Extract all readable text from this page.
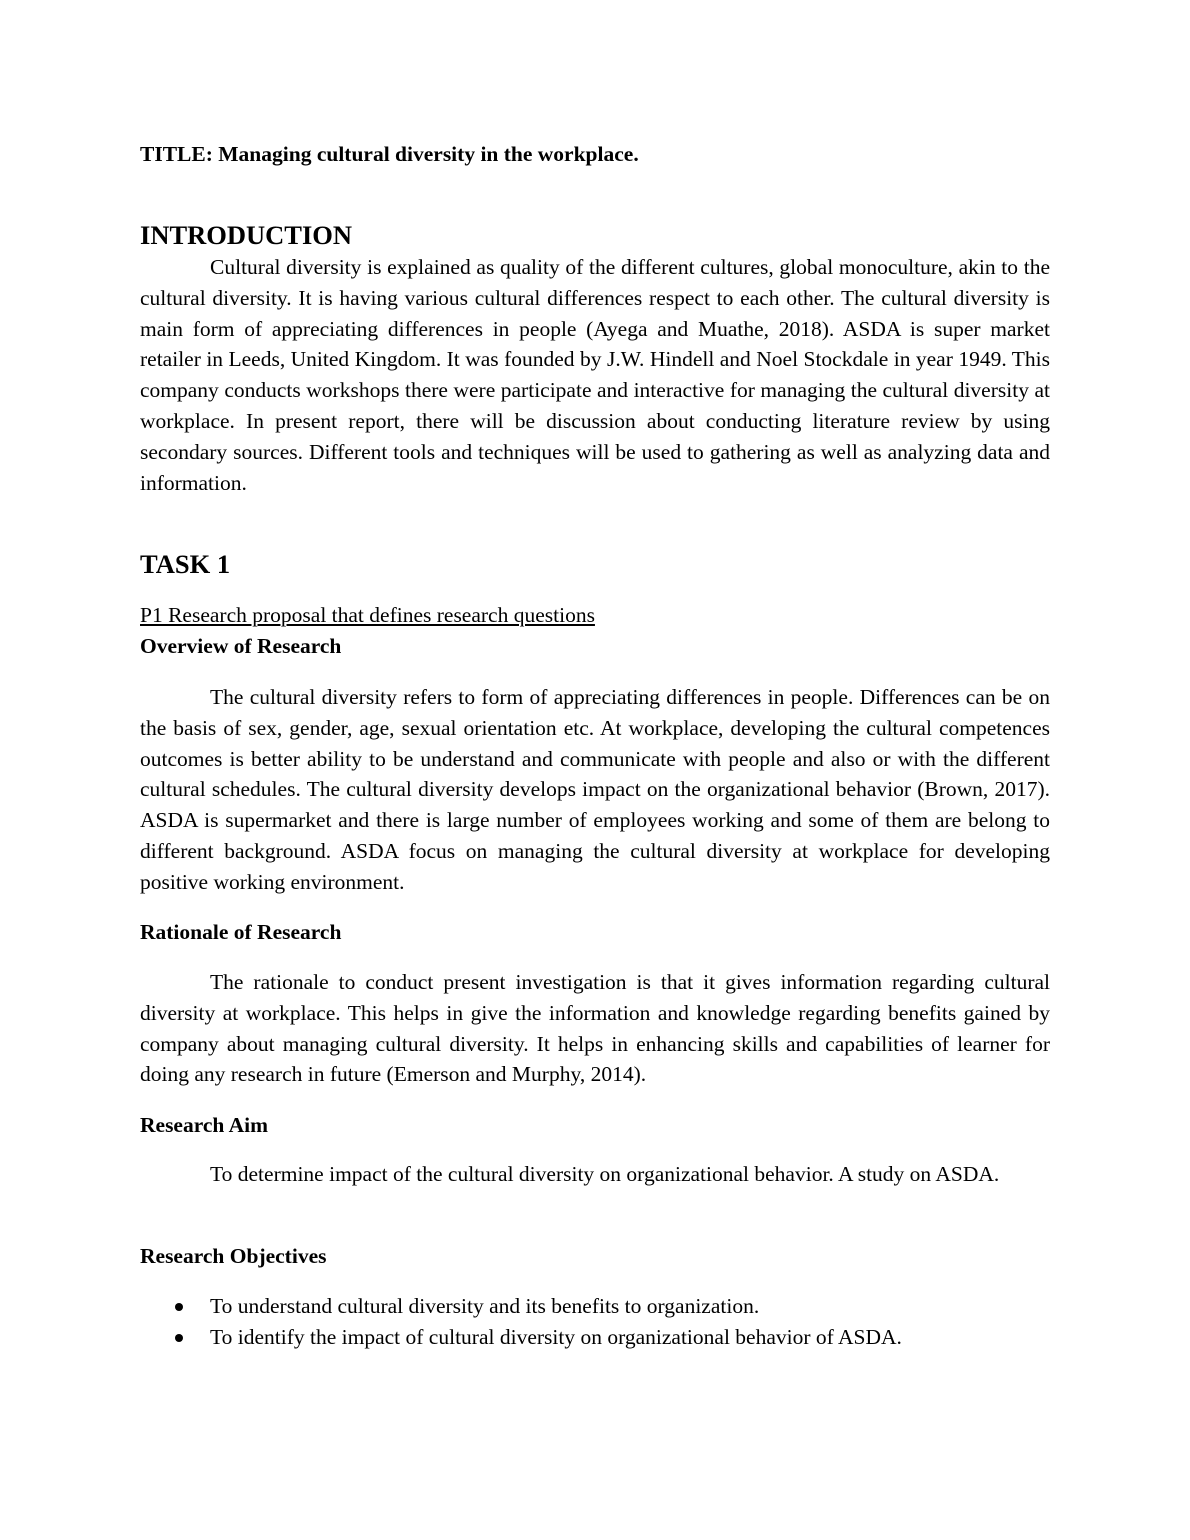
TITLE: Managing cultural diversity in the workplace.

INTRODUCTION

Cultural diversity is explained as quality of the different cultures, global monoculture, akin to the cultural diversity. It is having various cultural differences respect to each other. The cultural diversity is main form of appreciating differences in people (Ayega and Muathe, 2018). ASDA is super market retailer in Leeds, United Kingdom. It was founded by J.W. Hindell and Noel Stockdale in year 1949. This company conducts workshops there were participate and interactive for managing the cultural diversity at workplace. In present report, there will be discussion about conducting literature review by using secondary sources. Different tools and techniques will be used to gathering as well as analyzing data and information.

TASK 1

P1 Research proposal that defines research questions

Overview of Research

The cultural diversity refers to form of appreciating differences in people. Differences can be on the basis of sex, gender, age, sexual orientation etc. At workplace, developing the cultural competences outcomes is better ability to be understand and communicate with people and also or with the different cultural schedules. The cultural diversity develops impact on the organizational behavior (Brown, 2017). ASDA is supermarket and there is large number of employees working and some of them are belong to different background. ASDA focus on managing the cultural diversity at workplace for developing positive working environment.

Rationale of Research

The rationale to conduct present investigation is that it gives information regarding cultural diversity at workplace. This helps in give the information and knowledge regarding benefits gained by company about managing cultural diversity. It helps in enhancing skills and capabilities of learner for doing any research in future (Emerson and Murphy, 2014).

Research Aim

To determine impact of the cultural diversity on organizational behavior. A study on ASDA.

Research Objectives

To understand cultural diversity and its benefits to organization.
To identify the impact of cultural diversity on organizational behavior of ASDA.
